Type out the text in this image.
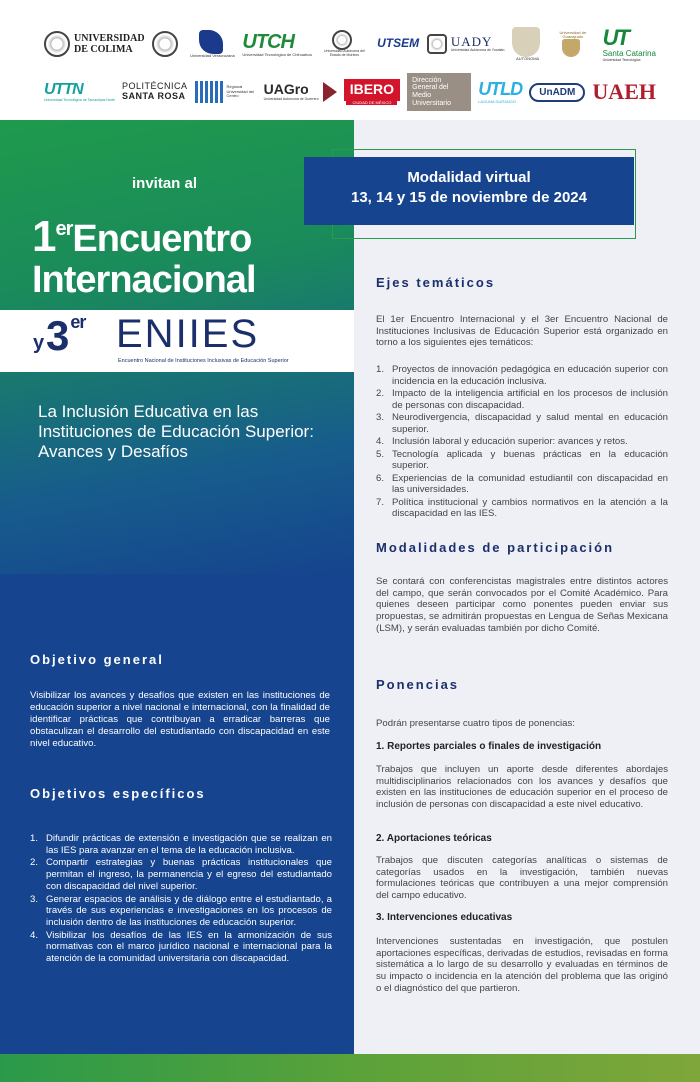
UNIVERSIDAD
DE COLIMA
Universidad Veracruzana
UTCH
Universidad Tecnológica de Chihuahua
Universidad Autónoma del Estado de Morelos
UTSEM UADY
Universidad Autónoma de Yucatán
AUTÓNOMA
Universidad de Guanajuato UT
Santa Catarina
Universidad Tecnológica
UTTN
Universidad Tecnológica de Tamaulipas Norte
POLITÉCNICA
SANTA ROSA
Regional Universidad del Centro	UAGro
Universidad Autónoma de Guerrero
IBERO
CIUDAD DE MÉXICO
Dirección General del Medio Universitario
UTLD
LAGUNA DURANGO
UnADM UAEH
invitan al
1erEncuentro
Internacional
y 3 $^{er}$ ENIIES
Encuentro Nacional de Instituciones Inclusivas de Educación Superior
La Inclusión Educativa en las Instituciones de Educación Superior: Avances y Desafíos
Objetivo general
Visibilizar los avances y desafíos que existen en las instituciones de educación superior a nivel nacional e internacional, con la finalidad de identificar prácticas que contribuyan a erradicar barreras que obstaculizan el desarrollo del estudiantado con discapacidad en este nivel educativo.
Objetivos específicos
1. Difundir prácticas de extensión e investigación que se realizan en las IES para avanzar en el tema de la educación inclusiva.
2. Compartir estrategias y buenas prácticas institucionales que permitan el ingreso, la permanencia y el egreso del estudiantado con discapacidad del nivel superior.
3. Generar espacios de análisis y de diálogo entre el estudiantado, a través de sus experiencias e investigaciones en los procesos de inclusión dentro de las instituciones de educación superior.
4. Visibilizar los desafíos de las IES en la armonización de sus normativas con el marco jurídico nacional e internacional para la atención de la comunidad universitaria con discapacidad.
Modalidad virtual
13, 14 y 15 de noviembre de 2024
Ejes temáticos
El 1er Encuentro Internacional y el 3er Encuentro Nacional de Instituciones Inclusivas de Educación Superior está organizado en torno a los siguientes ejes temáticos:
1. Proyectos de innovación pedagógica en educación superior con incidencia en la educación inclusiva.
2. Impacto de la inteligencia artificial en los procesos de inclusión de personas con discapacidad.
3. Neurodivergencia, discapacidad y salud mental en educación superior.
4. Inclusión laboral y educación superior: avances y retos.
5. Tecnología aplicada y buenas prácticas en la educación superior.
6. Experiencias de la comunidad estudiantil con discapacidad en las universidades.
7. Política institucional y cambios normativos en la atención a la discapacidad en las IES.
Modalidades de participación
Se contará con conferencistas magistrales entre distintos actores del campo, que serán convocados por el Comité Académico. Para quienes deseen participar como ponentes pueden enviar sus propuestas, se admitirán propuestas en Lengua de Señas Mexicana (LSM), y serán evaluadas también por dicho Comité.
Ponencias
Podrán presentarse cuatro tipos de ponencias:
1. Reportes parciales o finales de investigación
Trabajos que incluyen un aporte desde diferentes abordajes multidisciplinarios relacionados con los avances y desafíos que existen en las instituciones de educación superior en el proceso de inclusión de personas con discapacidad a este nivel educativo.
2. Aportaciones teóricas
Trabajos que discuten categorías analíticas o sistemas de categorías usados en la investigación, también nuevas formulaciones teóricas que contribuyen a una mejor comprensión del campo educativo.
3. Intervenciones educativas
Intervenciones sustentadas en investigación, que postulen aportaciones específicas, derivadas de estudios, revisadas en forma sistemática a lo largo de su desarrollo y evaluadas en términos de su impacto o incidencia en la atención del problema que las originó o el diagnóstico del que partieron.
